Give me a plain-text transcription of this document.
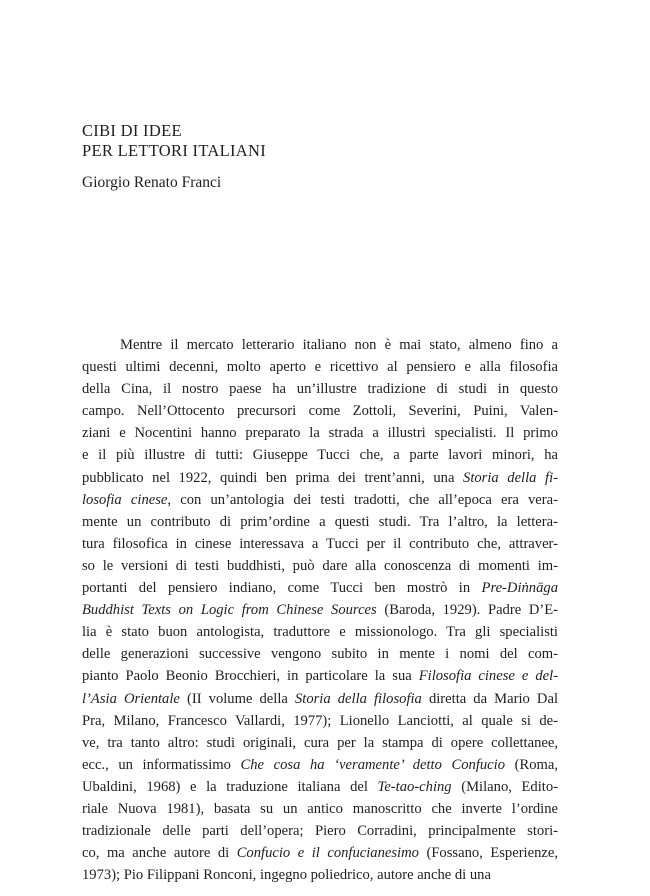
CIBI DI IDEE
PER LETTORI ITALIANI
Giorgio Renato Franci
Mentre il mercato letterario italiano non è mai stato, almeno fino a
questi ultimi decenni, molto aperto e ricettivo al pensiero e alla filosofia
della Cina, il nostro paese ha un’illustre tradizione di studi in questo
campo. Nell’Ottocento precursori come Zottoli, Severini, Puini, Valen-
ziani e Nocentini hanno preparato la strada a illustri specialisti. Il primo
e il più illustre di tutti: Giuseppe Tucci che, a parte lavori minori, ha
pubblicato nel 1922, quindi ben prima dei trent’anni, una Storia della fi-
losofia cinese, con un’antologia dei testi tradotti, che all’epoca era vera-
mente un contributo di prim’ordine a questi studi. Tra l’altro, la lettera-
tura filosofica in cinese interessava a Tucci per il contributo che, attraver-
so le versioni di testi buddhisti, può dare alla conoscenza di momenti im-
portanti del pensiero indiano, come Tucci ben mostrò in Pre-Diṅnāga
Buddhist Texts on Logic from Chinese Sources (Baroda, 1929). Padre D’E-
lia è stato buon antologista, traduttore e missionologo. Tra gli specialisti
delle generazioni successive vengono subito in mente i nomi del com-
pianto Paolo Beonio Brocchieri, in particolare la sua Filosofia cinese e del-
l’Asia Orientale (II volume della Storia della filosofia diretta da Mario Dal
Pra, Milano, Francesco Vallardi, 1977); Lionello Lanciotti, al quale si de-
ve, tra tanto altro: studi originali, cura per la stampa di opere collettanee,
ecc., un informatissimo Che cosa ha ‘veramente’ detto Confucio (Roma,
Ubaldini, 1968) e la traduzione italiana del Te-tao-ching (Milano, Edito-
riale Nuova 1981), basata su un antico manoscritto che inverte l’ordine
tradizionale delle parti dell’opera; Piero Corradini, principalmente stori-
co, ma anche autore di Confucio e il confucianesimo (Fossano, Esperienze,
1973); Pio Filippani Ronconi, ingegno poliedrico, autore anche di una
